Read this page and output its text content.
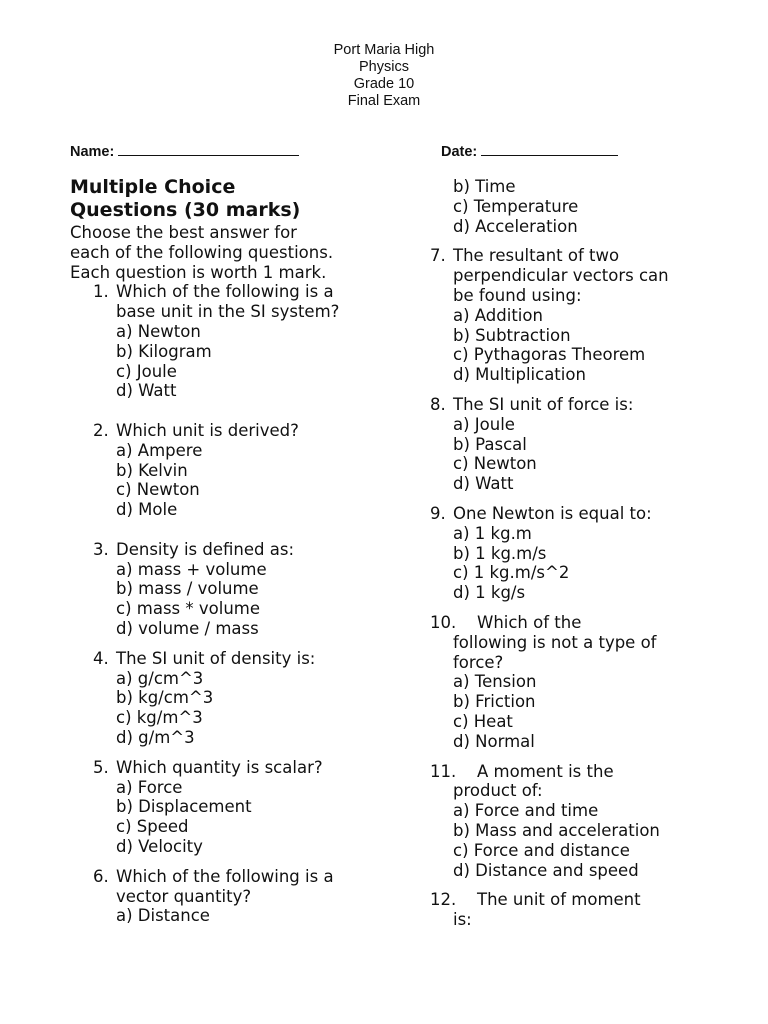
Port Maria High
Physics
Grade 10
Final Exam
Name:	Date:
Multiple Choice
Questions (30 marks)
Choose the best answer for
each of the following questions.
Each question is worth 1 mark.
1. Which of the following is a
base unit in the SI system?
a) Newton
b) Kilogram
c) Joule
d) Watt
2. Which unit is derived?
a) Ampere
b) Kelvin
c) Newton
d) Mole
3. Density is defined as:
a) mass + volume
b) mass / volume
c) mass * volume
d) volume / mass
4. The SI unit of density is:
a) g/cm^3
b) kg/cm^3
c) kg/m^3
d) g/m^3
5. Which quantity is scalar?
a) Force
b) Displacement
c) Speed
d) Velocity
6. Which of the following is a
vector quantity?
a) Distance
b) Time
c) Temperature
d) Acceleration
7. The resultant of two
perpendicular vectors can
be found using:
a) Addition
b) Subtraction
c) Pythagoras Theorem
d) Multiplication
8. The SI unit of force is:
a) Joule
b) Pascal
c) Newton
d) Watt
9. One Newton is equal to:
a) 1 kg.m
b) 1 kg.m/s
c) 1 kg.m/s^2
d) 1 kg/s
10.	Which of the
following is not a type of
force?
a) Tension
b) Friction
c) Heat
d) Normal
11.	A moment is the
product of:
a) Force and time
b) Mass and acceleration
c) Force and distance
d) Distance and speed
12.	The unit of moment
is:
